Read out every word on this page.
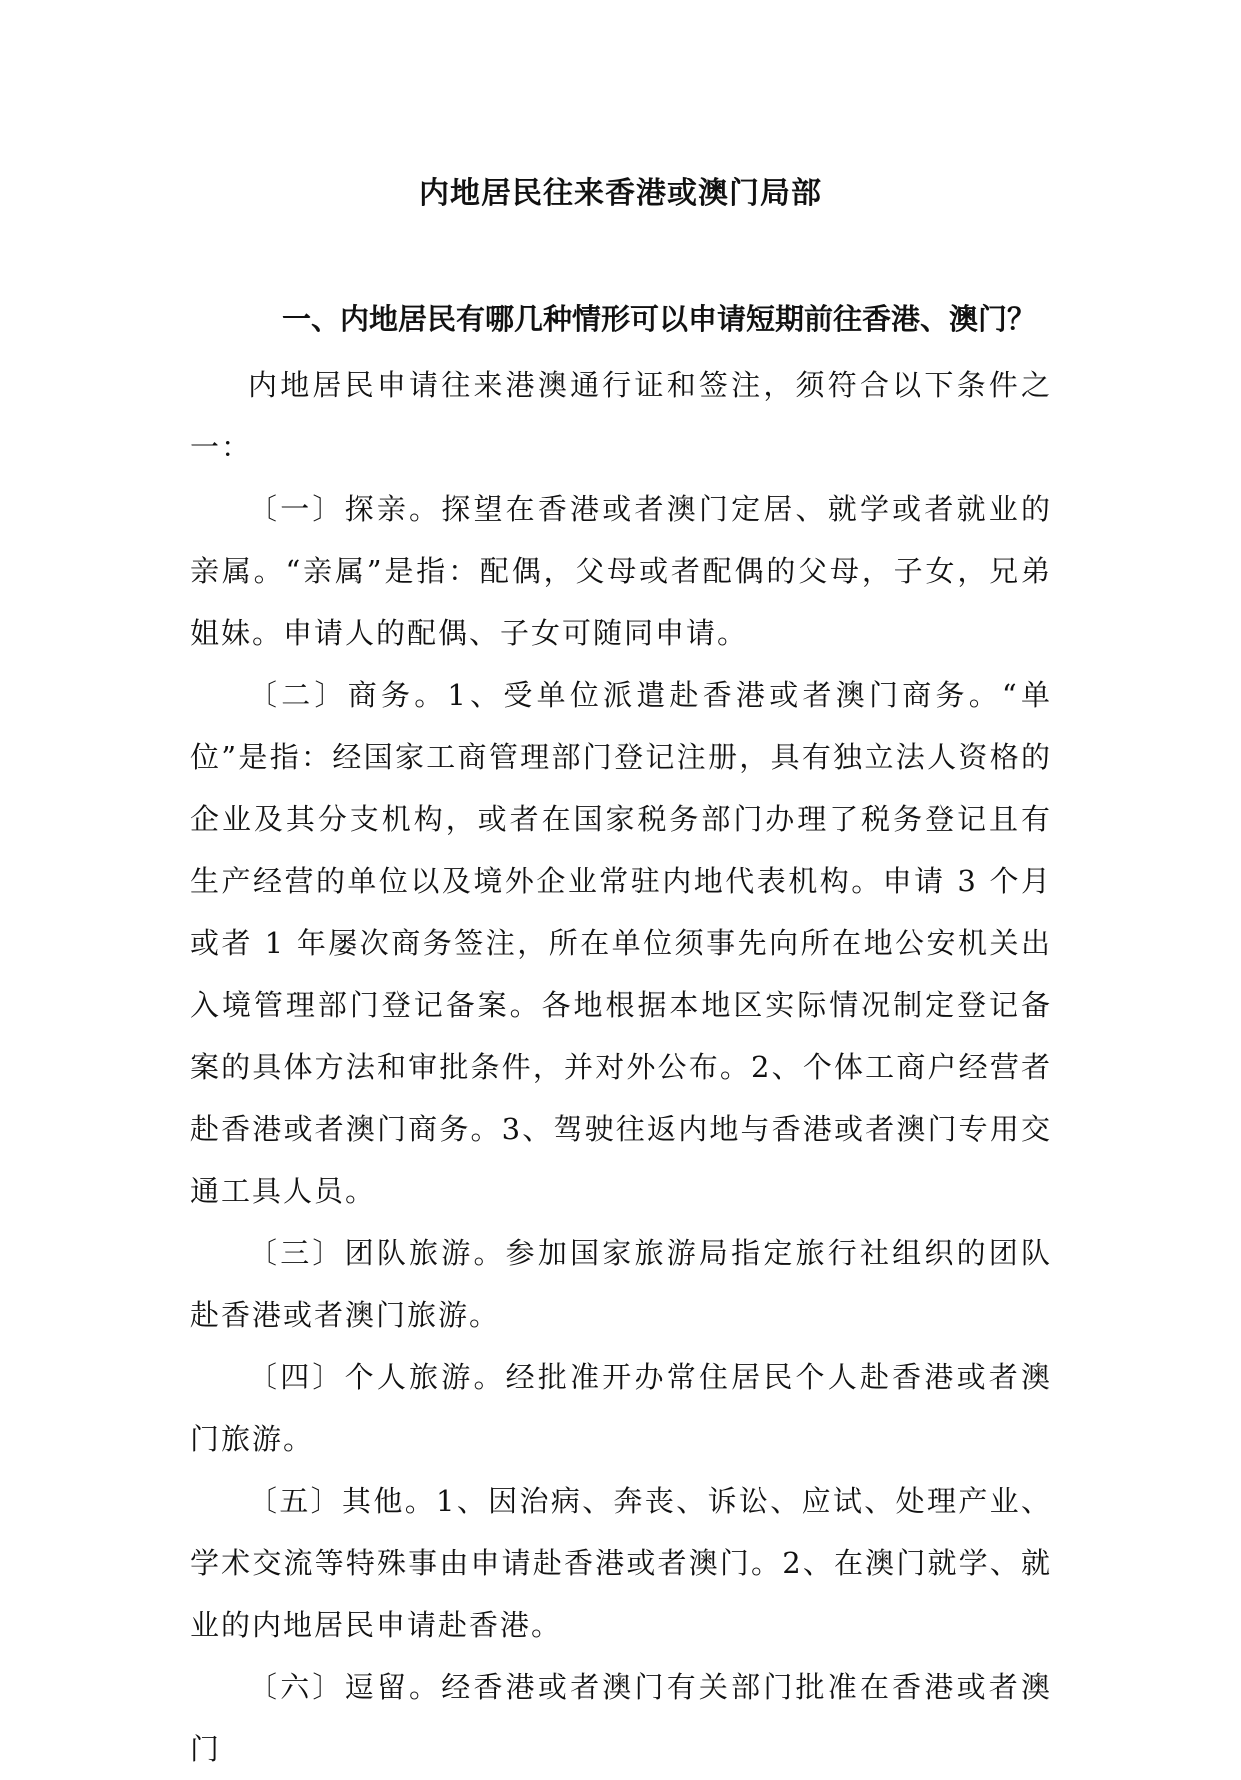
内地居民往来香港或澳门局部
一、内地居民有哪几种情形可以申请短期前往香港、澳门？

内地居民申请往来港澳通行证和签注，须符合以下条件之一：

〔一〕探亲。探望在香港或者澳门定居、就学或者就业的亲属。“亲属”是指：配偶，父母或者配偶的父母，子女，兄弟姐妹。申请人的配偶、子女可随同申请。

〔二〕商务。1、受单位派遣赴香港或者澳门商务。“单位”是指：经国家工商管理部门登记注册，具有独立法人资格的企业及其分支机构，或者在国家税务部门办理了税务登记且有生产经营的单位以及境外企业常驻内地代表机构。申请 3 个月或者 1 年屡次商务签注，所在单位须事先向所在地公安机关出入境管理部门登记备案。各地根据本地区实际情况制定登记备案的具体方法和审批条件，并对外公布。2、个体工商户经营者赴香港或者澳门商务。3、驾驶往返内地与香港或者澳门专用交通工具人员。

〔三〕团队旅游。参加国家旅游局指定旅行社组织的团队赴香港或者澳门旅游。

〔四〕个人旅游。经批准开办常住居民个人赴香港或者澳门旅游。

〔五〕其他。1、因治病、奔丧、诉讼、应试、处理产业、学术交流等特殊事由申请赴香港或者澳门。2、在澳门就学、就业的内地居民申请赴香港。

〔六〕逗留。经香港或者澳门有关部门批准在香港或者澳门
